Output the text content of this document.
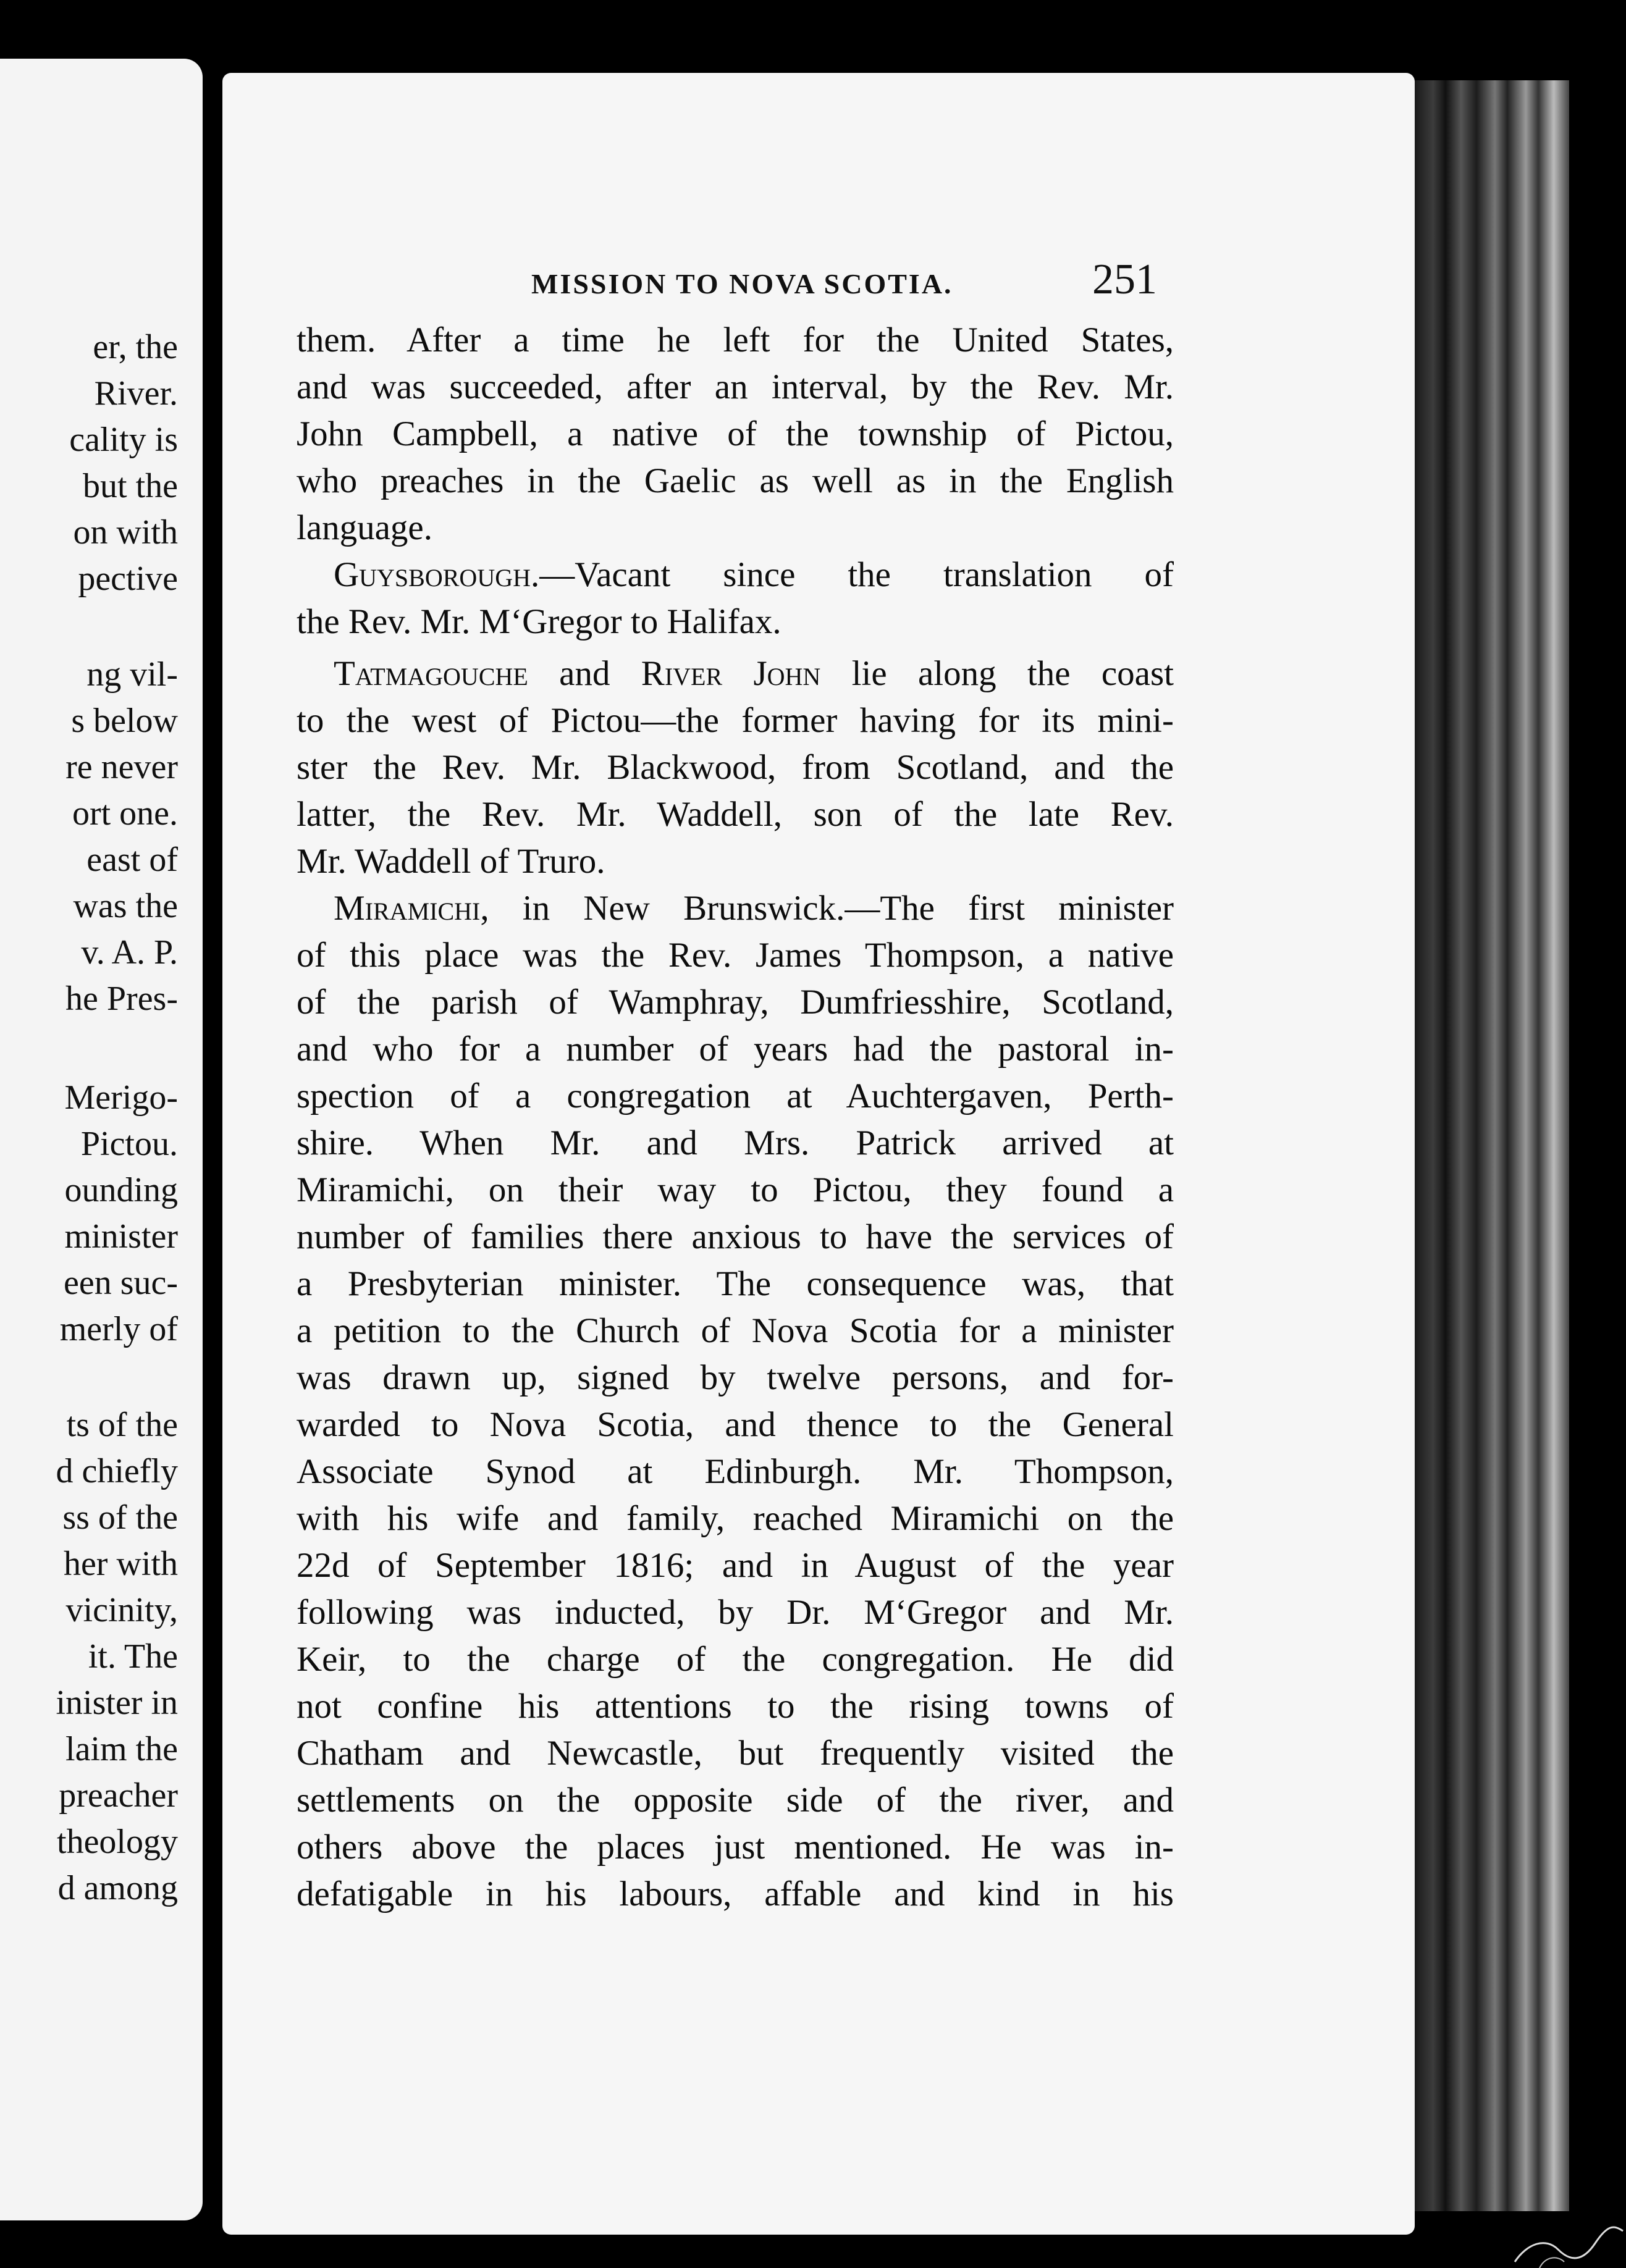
er, the
River.
cality is
but the
on with
pective
ng vil-
s below
re never
ort one.
east of
was the
v. A. P.
he Pres-
Merigo-
Pictou.
ounding
minister
een suc-
merly of
ts of the
d chiefly
ss of the
her with
vicinity,
it. The
inister in
laim the
preacher
theology
d among
MISSION TO NOVA SCOTIA.	251
them. After a time he left for the United States,
and was succeeded, after an interval, by the Rev. Mr.
John Campbell, a native of the township of Pictou,
who preaches in the Gaelic as well as in the English
language.
Guysborough.—Vacant since the translation of
the Rev. Mr. M‘Gregor to Halifax.
Tatmagouche and River John lie along the coast
to the west of Pictou—the former having for its mini-
ster the Rev. Mr. Blackwood, from Scotland, and the
latter, the Rev. Mr. Waddell, son of the late Rev.
Mr. Waddell of Truro.
Miramichi, in New Brunswick.—The first minister
of this place was the Rev. James Thompson, a native
of the parish of Wamphray, Dumfriesshire, Scotland,
and who for a number of years had the pastoral in-
spection of a congregation at Auchtergaven, Perth-
shire. When Mr. and Mrs. Patrick arrived at
Miramichi, on their way to Pictou, they found a
number of families there anxious to have the services of
a Presbyterian minister. The consequence was, that
a petition to the Church of Nova Scotia for a minister
was drawn up, signed by twelve persons, and for-
warded to Nova Scotia, and thence to the General
Associate Synod at Edinburgh. Mr. Thompson,
with his wife and family, reached Miramichi on the
22d of September 1816; and in August of the year
following was inducted, by Dr. M‘Gregor and Mr.
Keir, to the charge of the congregation. He did
not confine his attentions to the rising towns of
Chatham and Newcastle, but frequently visited the
settlements on the opposite side of the river, and
others above the places just mentioned. He was in-
defatigable in his labours, affable and kind in his
